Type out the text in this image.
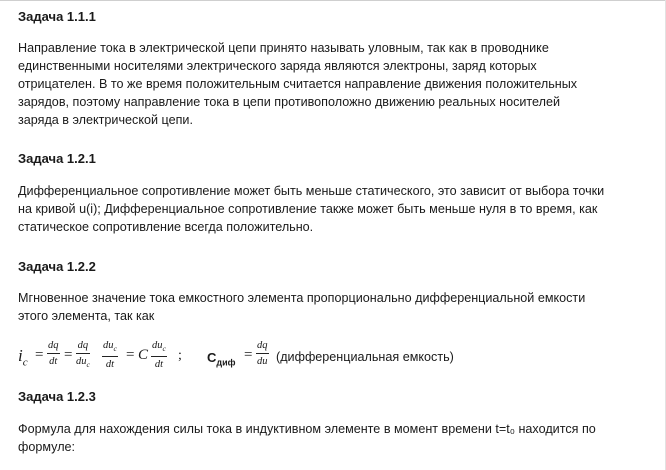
Задача 1.1.1
Направление тока в электрической цепи принято называть уловным, так как в проводнике
единственными носителями электрического заряда являются электроны, заряд которых
отрицателен. В то же время положительным считается направление движения положительных
зарядов, поэтому направление тока в цепи противоположно движению реальных носителей
заряда в электрической цепи.
Задача 1.2.1
Дифференциальное сопротивление может быть меньше статического, это зависит от выбора точки
на кривой u(i); Дифференциальное сопротивление также может быть меньше нуля в то время, как
статическое сопротивление всегда положительно.
Задача 1.2.2
Мгновенное значение тока емкостного элемента пропорционально дифференциальной емкости
этого элемента, так как
$i_c = \frac{dq}{dt}$ =
dq
$du_c$
$du_c$
dt
= C
$du_c$
dt
; $C_{диф} = \frac{dq}{du}$ (дифференциальная емкость)
Задача 1.2.3
Формула для нахождения силы тока в индуктивном элементе в момент времени t=t₀ находится по
формуле:
